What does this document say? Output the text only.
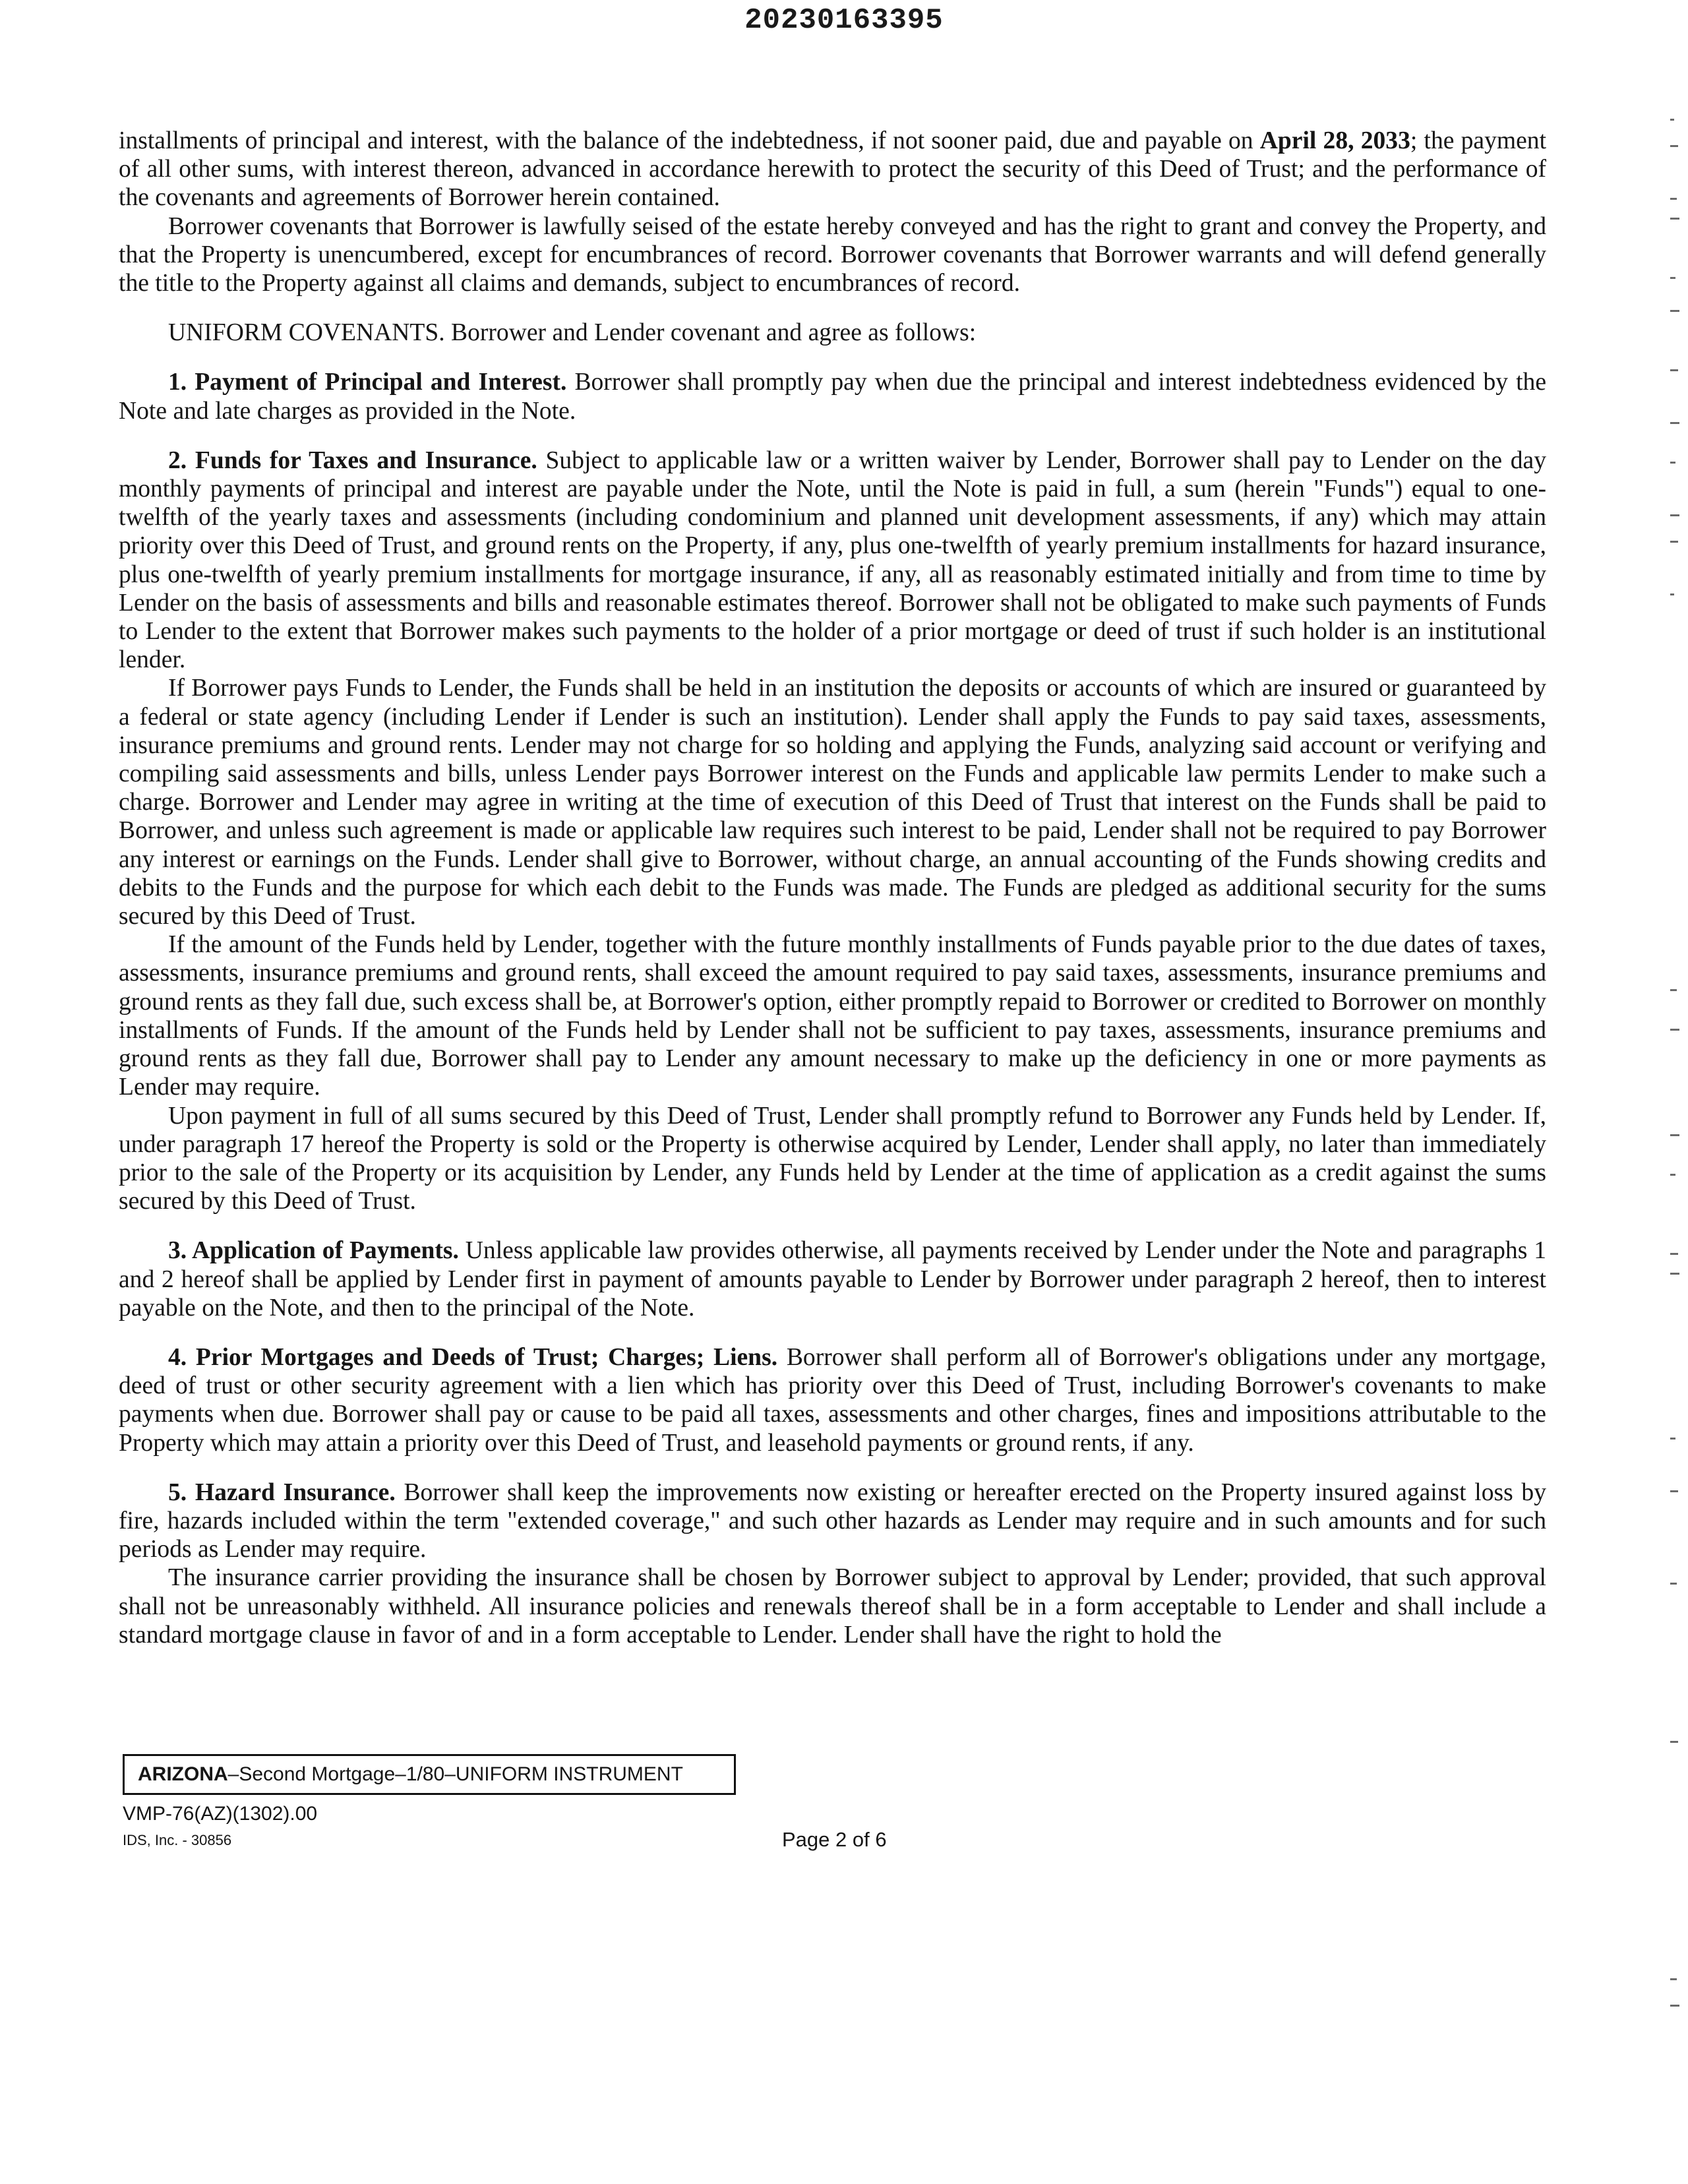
20230163395

installments of principal and interest, with the balance of the indebtedness, if not sooner paid, due and payable on April 28, 2033; the payment of all other sums, with interest thereon, advanced in accordance herewith to protect the security of this Deed of Trust; and the performance of the covenants and agreements of Borrower herein contained.

Borrower covenants that Borrower is lawfully seised of the estate hereby conveyed and has the right to grant and convey the Property, and that the Property is unencumbered, except for encumbrances of record. Borrower covenants that Borrower warrants and will defend generally the title to the Property against all claims and demands, subject to encumbrances of record.

UNIFORM COVENANTS. Borrower and Lender covenant and agree as follows:

1. Payment of Principal and Interest. Borrower shall promptly pay when due the principal and interest indebtedness evidenced by the Note and late charges as provided in the Note.

2. Funds for Taxes and Insurance. Subject to applicable law or a written waiver by Lender, Borrower shall pay to Lender on the day monthly payments of principal and interest are payable under the Note, until the Note is paid in full, a sum (herein "Funds") equal to one-twelfth of the yearly taxes and assessments (including condominium and planned unit development assessments, if any) which may attain priority over this Deed of Trust, and ground rents on the Property, if any, plus one-twelfth of yearly premium installments for hazard insurance, plus one-twelfth of yearly premium installments for mortgage insurance, if any, all as reasonably estimated initially and from time to time by Lender on the basis of assessments and bills and reasonable estimates thereof. Borrower shall not be obligated to make such payments of Funds to Lender to the extent that Borrower makes such payments to the holder of a prior mortgage or deed of trust if such holder is an institutional lender.

If Borrower pays Funds to Lender, the Funds shall be held in an institution the deposits or accounts of which are insured or guaranteed by a federal or state agency (including Lender if Lender is such an institution). Lender shall apply the Funds to pay said taxes, assessments, insurance premiums and ground rents. Lender may not charge for so holding and applying the Funds, analyzing said account or verifying and compiling said assessments and bills, unless Lender pays Borrower interest on the Funds and applicable law permits Lender to make such a charge. Borrower and Lender may agree in writing at the time of execution of this Deed of Trust that interest on the Funds shall be paid to Borrower, and unless such agreement is made or applicable law requires such interest to be paid, Lender shall not be required to pay Borrower any interest or earnings on the Funds. Lender shall give to Borrower, without charge, an annual accounting of the Funds showing credits and debits to the Funds and the purpose for which each debit to the Funds was made. The Funds are pledged as additional security for the sums secured by this Deed of Trust.

If the amount of the Funds held by Lender, together with the future monthly installments of Funds payable prior to the due dates of taxes, assessments, insurance premiums and ground rents, shall exceed the amount required to pay said taxes, assessments, insurance premiums and ground rents as they fall due, such excess shall be, at Borrower's option, either promptly repaid to Borrower or credited to Borrower on monthly installments of Funds. If the amount of the Funds held by Lender shall not be sufficient to pay taxes, assessments, insurance premiums and ground rents as they fall due, Borrower shall pay to Lender any amount necessary to make up the deficiency in one or more payments as Lender may require.

Upon payment in full of all sums secured by this Deed of Trust, Lender shall promptly refund to Borrower any Funds held by Lender. If, under paragraph 17 hereof the Property is sold or the Property is otherwise acquired by Lender, Lender shall apply, no later than immediately prior to the sale of the Property or its acquisition by Lender, any Funds held by Lender at the time of application as a credit against the sums secured by this Deed of Trust.

3. Application of Payments. Unless applicable law provides otherwise, all payments received by Lender under the Note and paragraphs 1 and 2 hereof shall be applied by Lender first in payment of amounts payable to Lender by Borrower under paragraph 2 hereof, then to interest payable on the Note, and then to the principal of the Note.

4. Prior Mortgages and Deeds of Trust; Charges; Liens. Borrower shall perform all of Borrower's obligations under any mortgage, deed of trust or other security agreement with a lien which has priority over this Deed of Trust, including Borrower's covenants to make payments when due. Borrower shall pay or cause to be paid all taxes, assessments and other charges, fines and impositions attributable to the Property which may attain a priority over this Deed of Trust, and leasehold payments or ground rents, if any.

5. Hazard Insurance. Borrower shall keep the improvements now existing or hereafter erected on the Property insured against loss by fire, hazards included within the term "extended coverage," and such other hazards as Lender may require and in such amounts and for such periods as Lender may require.

The insurance carrier providing the insurance shall be chosen by Borrower subject to approval by Lender; provided, that such approval shall not be unreasonably withheld. All insurance policies and renewals thereof shall be in a form acceptable to Lender and shall include a standard mortgage clause in favor of and in a form acceptable to Lender. Lender shall have the right to hold the

ARIZONA–Second Mortgage–1/80–UNIFORM INSTRUMENT
VMP-76(AZ)(1302).00
IDS, Inc. - 30856	Page 2 of 6
